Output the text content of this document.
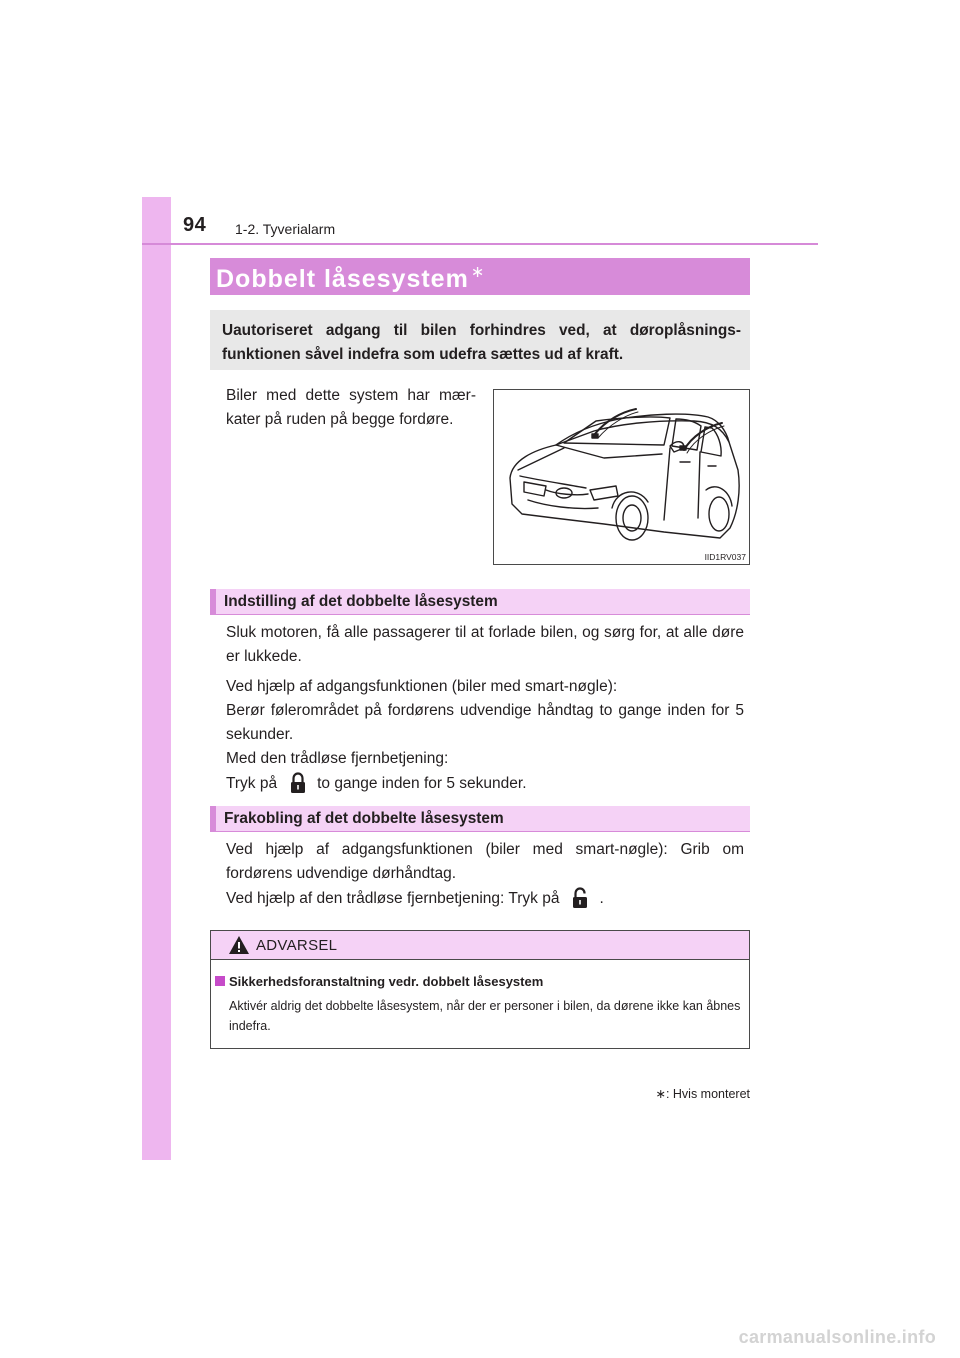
94 1-2. Tyverialarm
Dobbelt låsesystem ∗
Uautoriseret adgang til bilen forhindres ved, at døroplåsnings-funktionen såvel indefra som udefra sættes ud af kraft.
Biler med dette system har mær-kater på ruden på begge fordøre.
IID1RV037
Indstilling af det dobbelte låsesystem

Sluk motoren, få alle passagerer til at forlade bilen, og sørg for, at alle døre er lukkede.

Ved hjælp af adgangsfunktionen (biler med smart-nøgle):

Berør følerområdet på fordørens udvendige håndtag to gange inden for 5 sekunder.

Med den trådløse fjernbetjening:

Tryk på	to gange inden for 5 sekunder.

Frakobling af det dobbelte låsesystem

Ved hjælp af adgangsfunktionen (biler med smart-nøgle): Grib om fordørens udvendige dørhåndtag.

Ved hjælp af den trådløse fjernbetjening: Tryk på	.

ADVARSEL
Sikkerhedsforanstaltning vedr. dobbelt låsesystem
Aktivér aldrig det dobbelte låsesystem, når der er personer i bilen, da dørene ikke kan åbnes indefra.
∗: Hvis monteret
carmanualsonline.info
